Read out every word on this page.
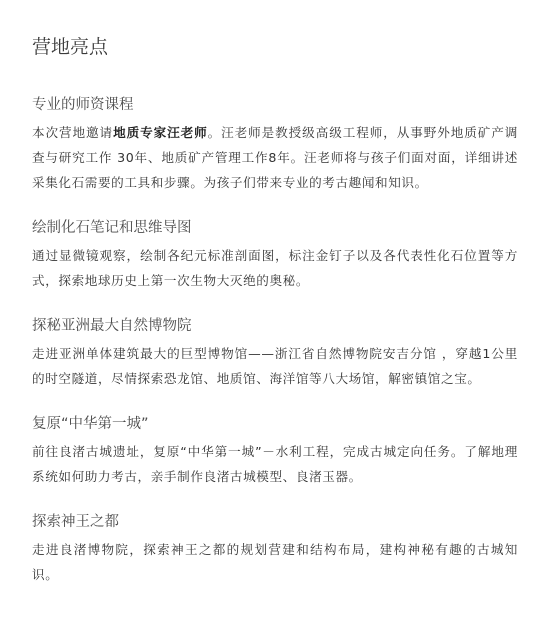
营地亮点
专业的师资课程

本次营地邀请地质专家汪老师。汪老师是教授级高级工程师，从事野外地质矿产调查与研究工作 30年、地质矿产管理工作8年。汪老师将与孩子们面对面，详细讲述采集化石需要的工具和步骤。为孩子们带来专业的考古趣闻和知识。

绘制化石笔记和思维导图

通过显微镜观察，绘制各纪元标准剖面图，标注金钉子以及各代表性化石位置等方式，探索地球历史上第一次生物大灭绝的奥秘。

探秘亚洲最大自然博物院

走进亚洲单体建筑最大的巨型博物馆——浙江省自然博物院安吉分馆 ，穿越1公里的时空隧道，尽情探索恐龙馆、地质馆、海洋馆等八大场馆，解密镇馆之宝。

复原“中华第一城”

前往良渚古城遗址，复原“中华第一城”－水利工程，完成古城定向任务。了解地理系统如何助力考古，亲手制作良渚古城模型、良渚玉器。

探索神王之都

走进良渚博物院，探索神王之都的规划营建和结构布局，建构神秘有趣的古城知识。
